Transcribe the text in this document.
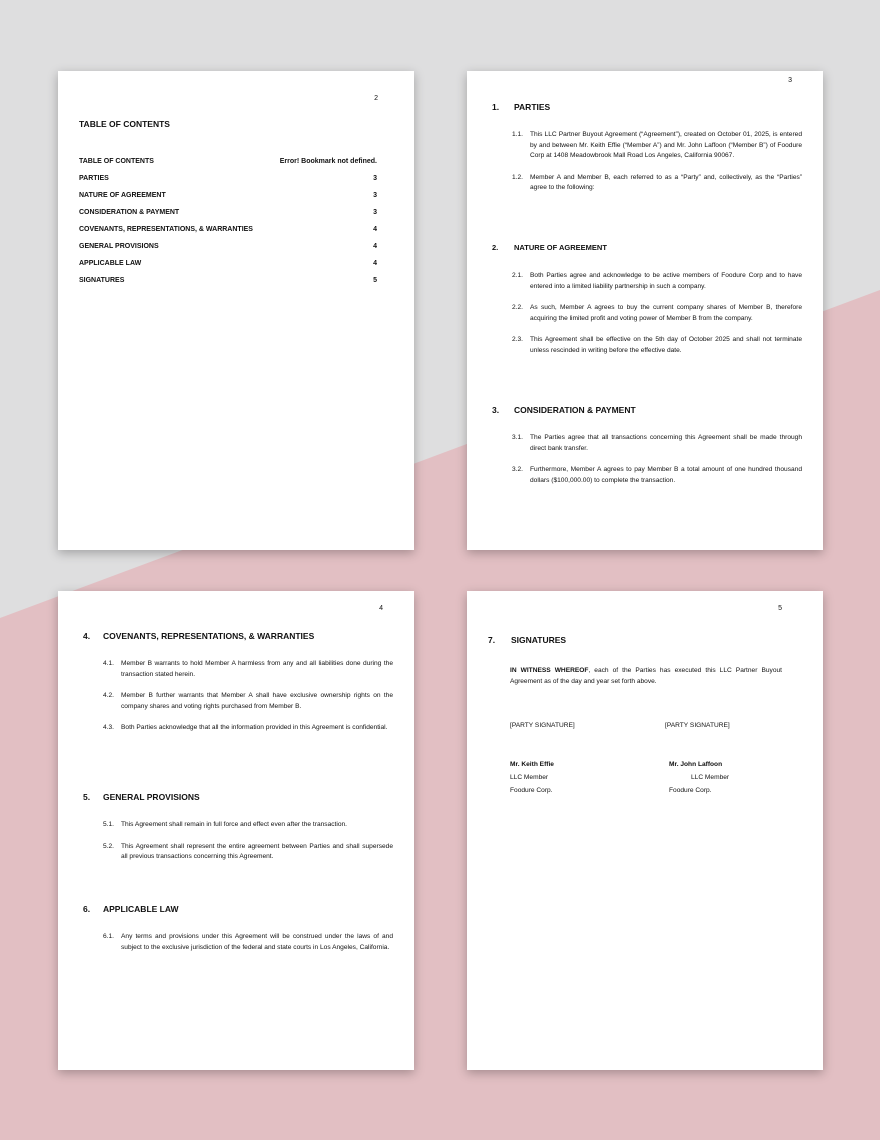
2
TABLE OF CONTENTS
TABLE OF CONTENTS	Error! Bookmark not defined.
PARTIES	3
NATURE OF AGREEMENT	3
CONSIDERATION & PAYMENT	3
COVENANTS, REPRESENTATIONS, & WARRANTIES	4
GENERAL PROVISIONS	4
APPLICABLE LAW	4
SIGNATURES	5
3
1.	PARTIES
1.1.	This LLC Partner Buyout Agreement (“Agreement”), created on October 01, 2025, is entered by and between Mr. Keith Effie (“Member A”) and Mr. John Laffoon (“Member B”) of Foodure Corp at 1408 Meadowbrook Mall Road Los Angeles, California 90067.
1.2.	Member A and Member B, each referred to as a “Party” and, collectively, as the “Parties” agree to the following:
2.	NATURE OF AGREEMENT
2.1.	Both Parties agree and acknowledge to be active members of Foodure Corp and to have entered into a limited liability partnership in such a company.
2.2.	As such, Member A agrees to buy the current company shares of Member B, therefore acquiring the limited profit and voting power of Member B from the company.
2.3.	This Agreement shall be effective on the 5th day of October 2025 and shall not terminate unless rescinded in writing before the effective date.
3.	CONSIDERATION & PAYMENT
3.1.	The Parties agree that all transactions concerning this Agreement shall be made through direct bank transfer.
3.2.	Furthermore, Member A agrees to pay Member B a total amount of one hundred thousand dollars ($100,000.00) to complete the transaction.
4
4.	COVENANTS, REPRESENTATIONS, & WARRANTIES
4.1.	Member B warrants to hold Member A harmless from any and all liabilities done during the transaction stated herein.
4.2.	Member B further warrants that Member A shall have exclusive ownership rights on the company shares and voting rights purchased from Member B.
4.3.	Both Parties acknowledge that all the information provided in this Agreement is confidential.
5.	GENERAL PROVISIONS
5.1.	This Agreement shall remain in full force and effect even after the transaction.
5.2.	This Agreement shall represent the entire agreement between Parties and shall supersede all previous transactions concerning this Agreement.
6.	APPLICABLE LAW
6.1.	Any terms and provisions under this Agreement will be construed under the laws of and subject to the exclusive jurisdiction of the federal and state courts in Los Angeles, California.
5
7.	SIGNATURES
IN WITNESS WHEREOF, each of the Parties has executed this LLC Partner Buyout Agreement as of the day and year set forth above.
[PARTY SIGNATURE]
Mr. Keith Effie
LLC Member
Foodure Corp.
[PARTY SIGNATURE]
Mr. John Laffoon
LLC Member
Foodure Corp.
